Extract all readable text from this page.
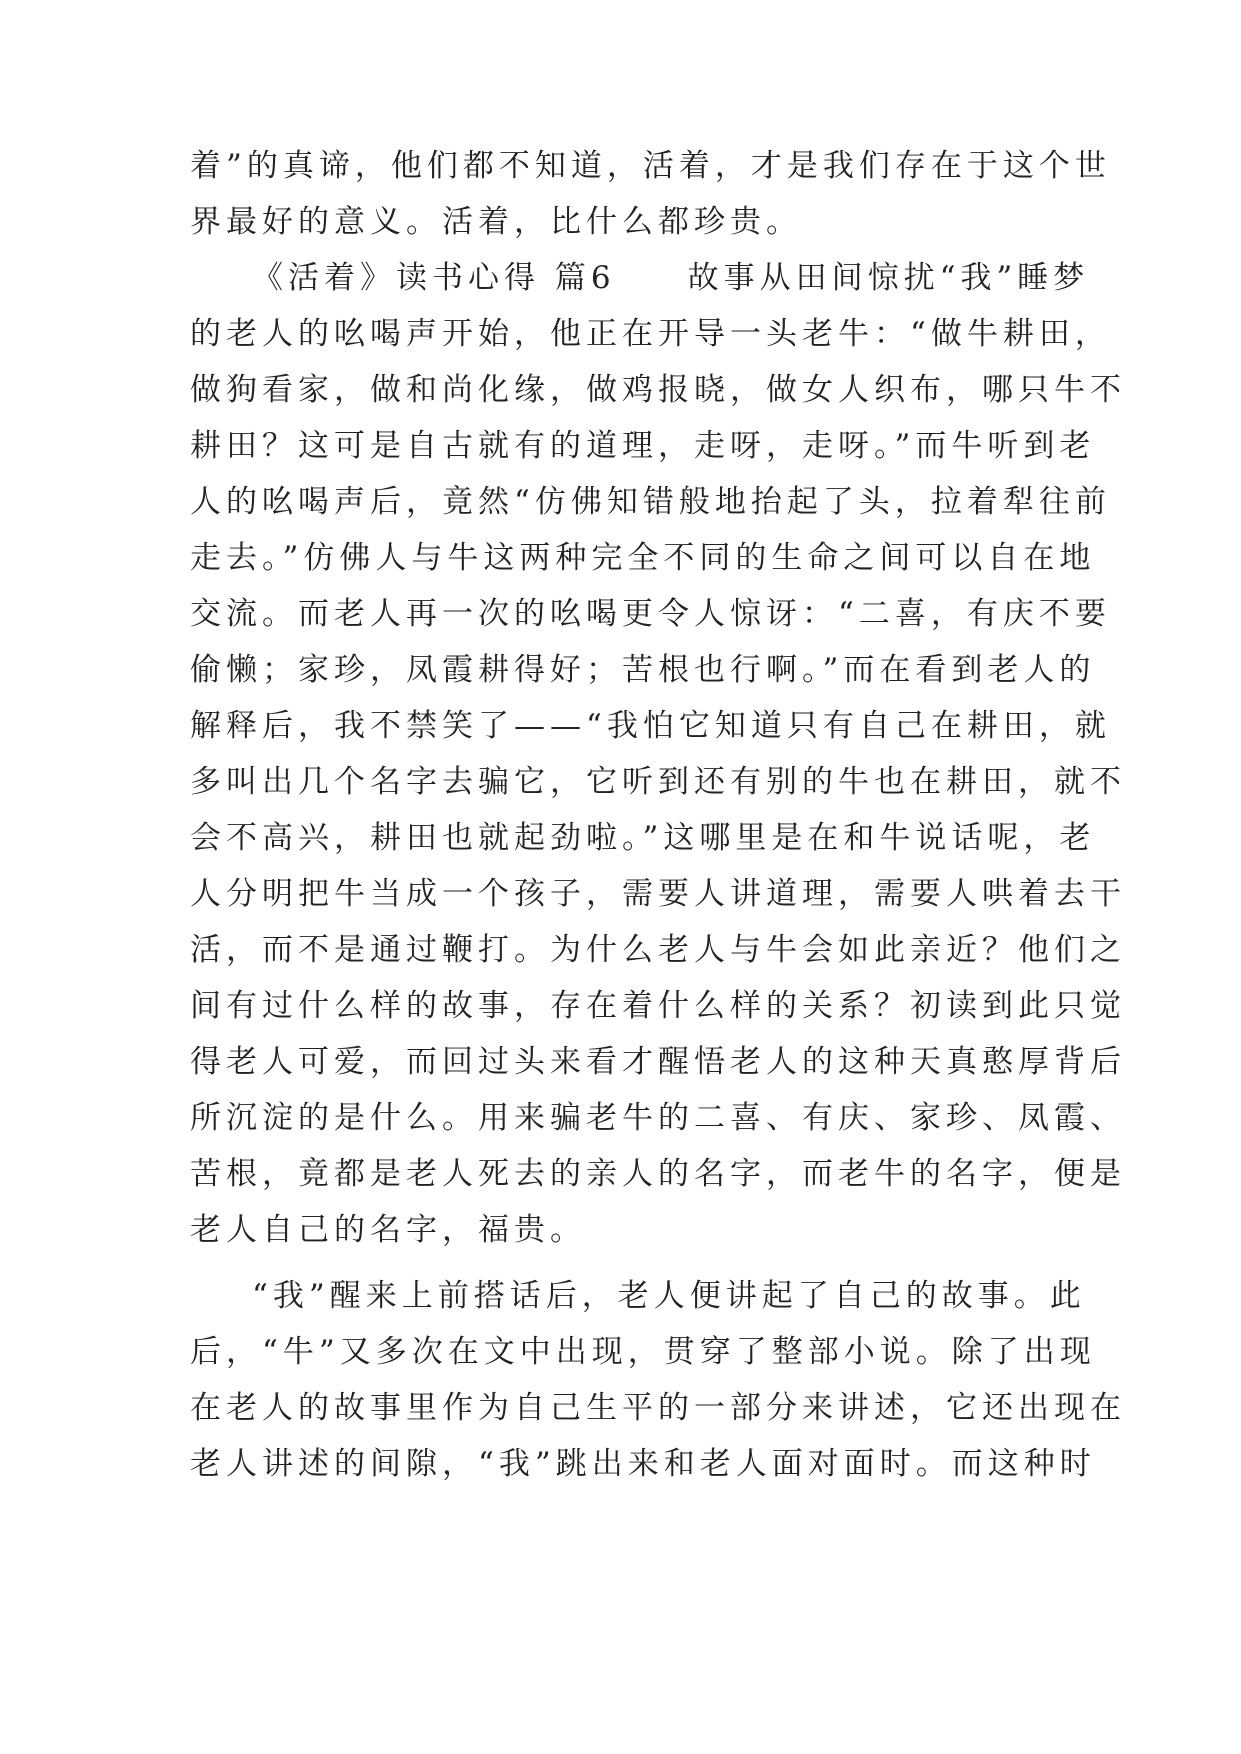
着”的真谛，他们都不知道，活着，才是我们存在于这个世
界最好的意义。活着，比什么都珍贵。
《活着》读书心得 篇6　　故事从田间惊扰“我”睡梦
的老人的吆喝声开始，他正在开导一头老牛：“做牛耕田，
做狗看家，做和尚化缘，做鸡报晓，做女人织布，哪只牛不
耕田？这可是自古就有的道理，走呀，走呀。”而牛听到老
人的吆喝声后，竟然“仿佛知错般地抬起了头，拉着犁往前
走去。”仿佛人与牛这两种完全不同的生命之间可以自在地
交流。而老人再一次的吆喝更令人惊讶：“二喜，有庆不要
偷懒；家珍，凤霞耕得好；苦根也行啊。”而在看到老人的
解释后，我不禁笑了——“我怕它知道只有自己在耕田，就
多叫出几个名字去骗它，它听到还有别的牛也在耕田，就不
会不高兴，耕田也就起劲啦。”这哪里是在和牛说话呢，老
人分明把牛当成一个孩子，需要人讲道理，需要人哄着去干
活，而不是通过鞭打。为什么老人与牛会如此亲近？他们之
间有过什么样的故事，存在着什么样的关系？初读到此只觉
得老人可爱，而回过头来看才醒悟老人的这种天真憨厚背后
所沉淀的是什么。用来骗老牛的二喜、有庆、家珍、凤霞、
苦根，竟都是老人死去的亲人的名字，而老牛的名字，便是
老人自己的名字，福贵。
“我”醒来上前搭话后，老人便讲起了自己的故事。此
后，“牛”又多次在文中出现，贯穿了整部小说。除了出现
在老人的故事里作为自己生平的一部分来讲述，它还出现在
老人讲述的间隙，“我”跳出来和老人面对面时。而这种时
